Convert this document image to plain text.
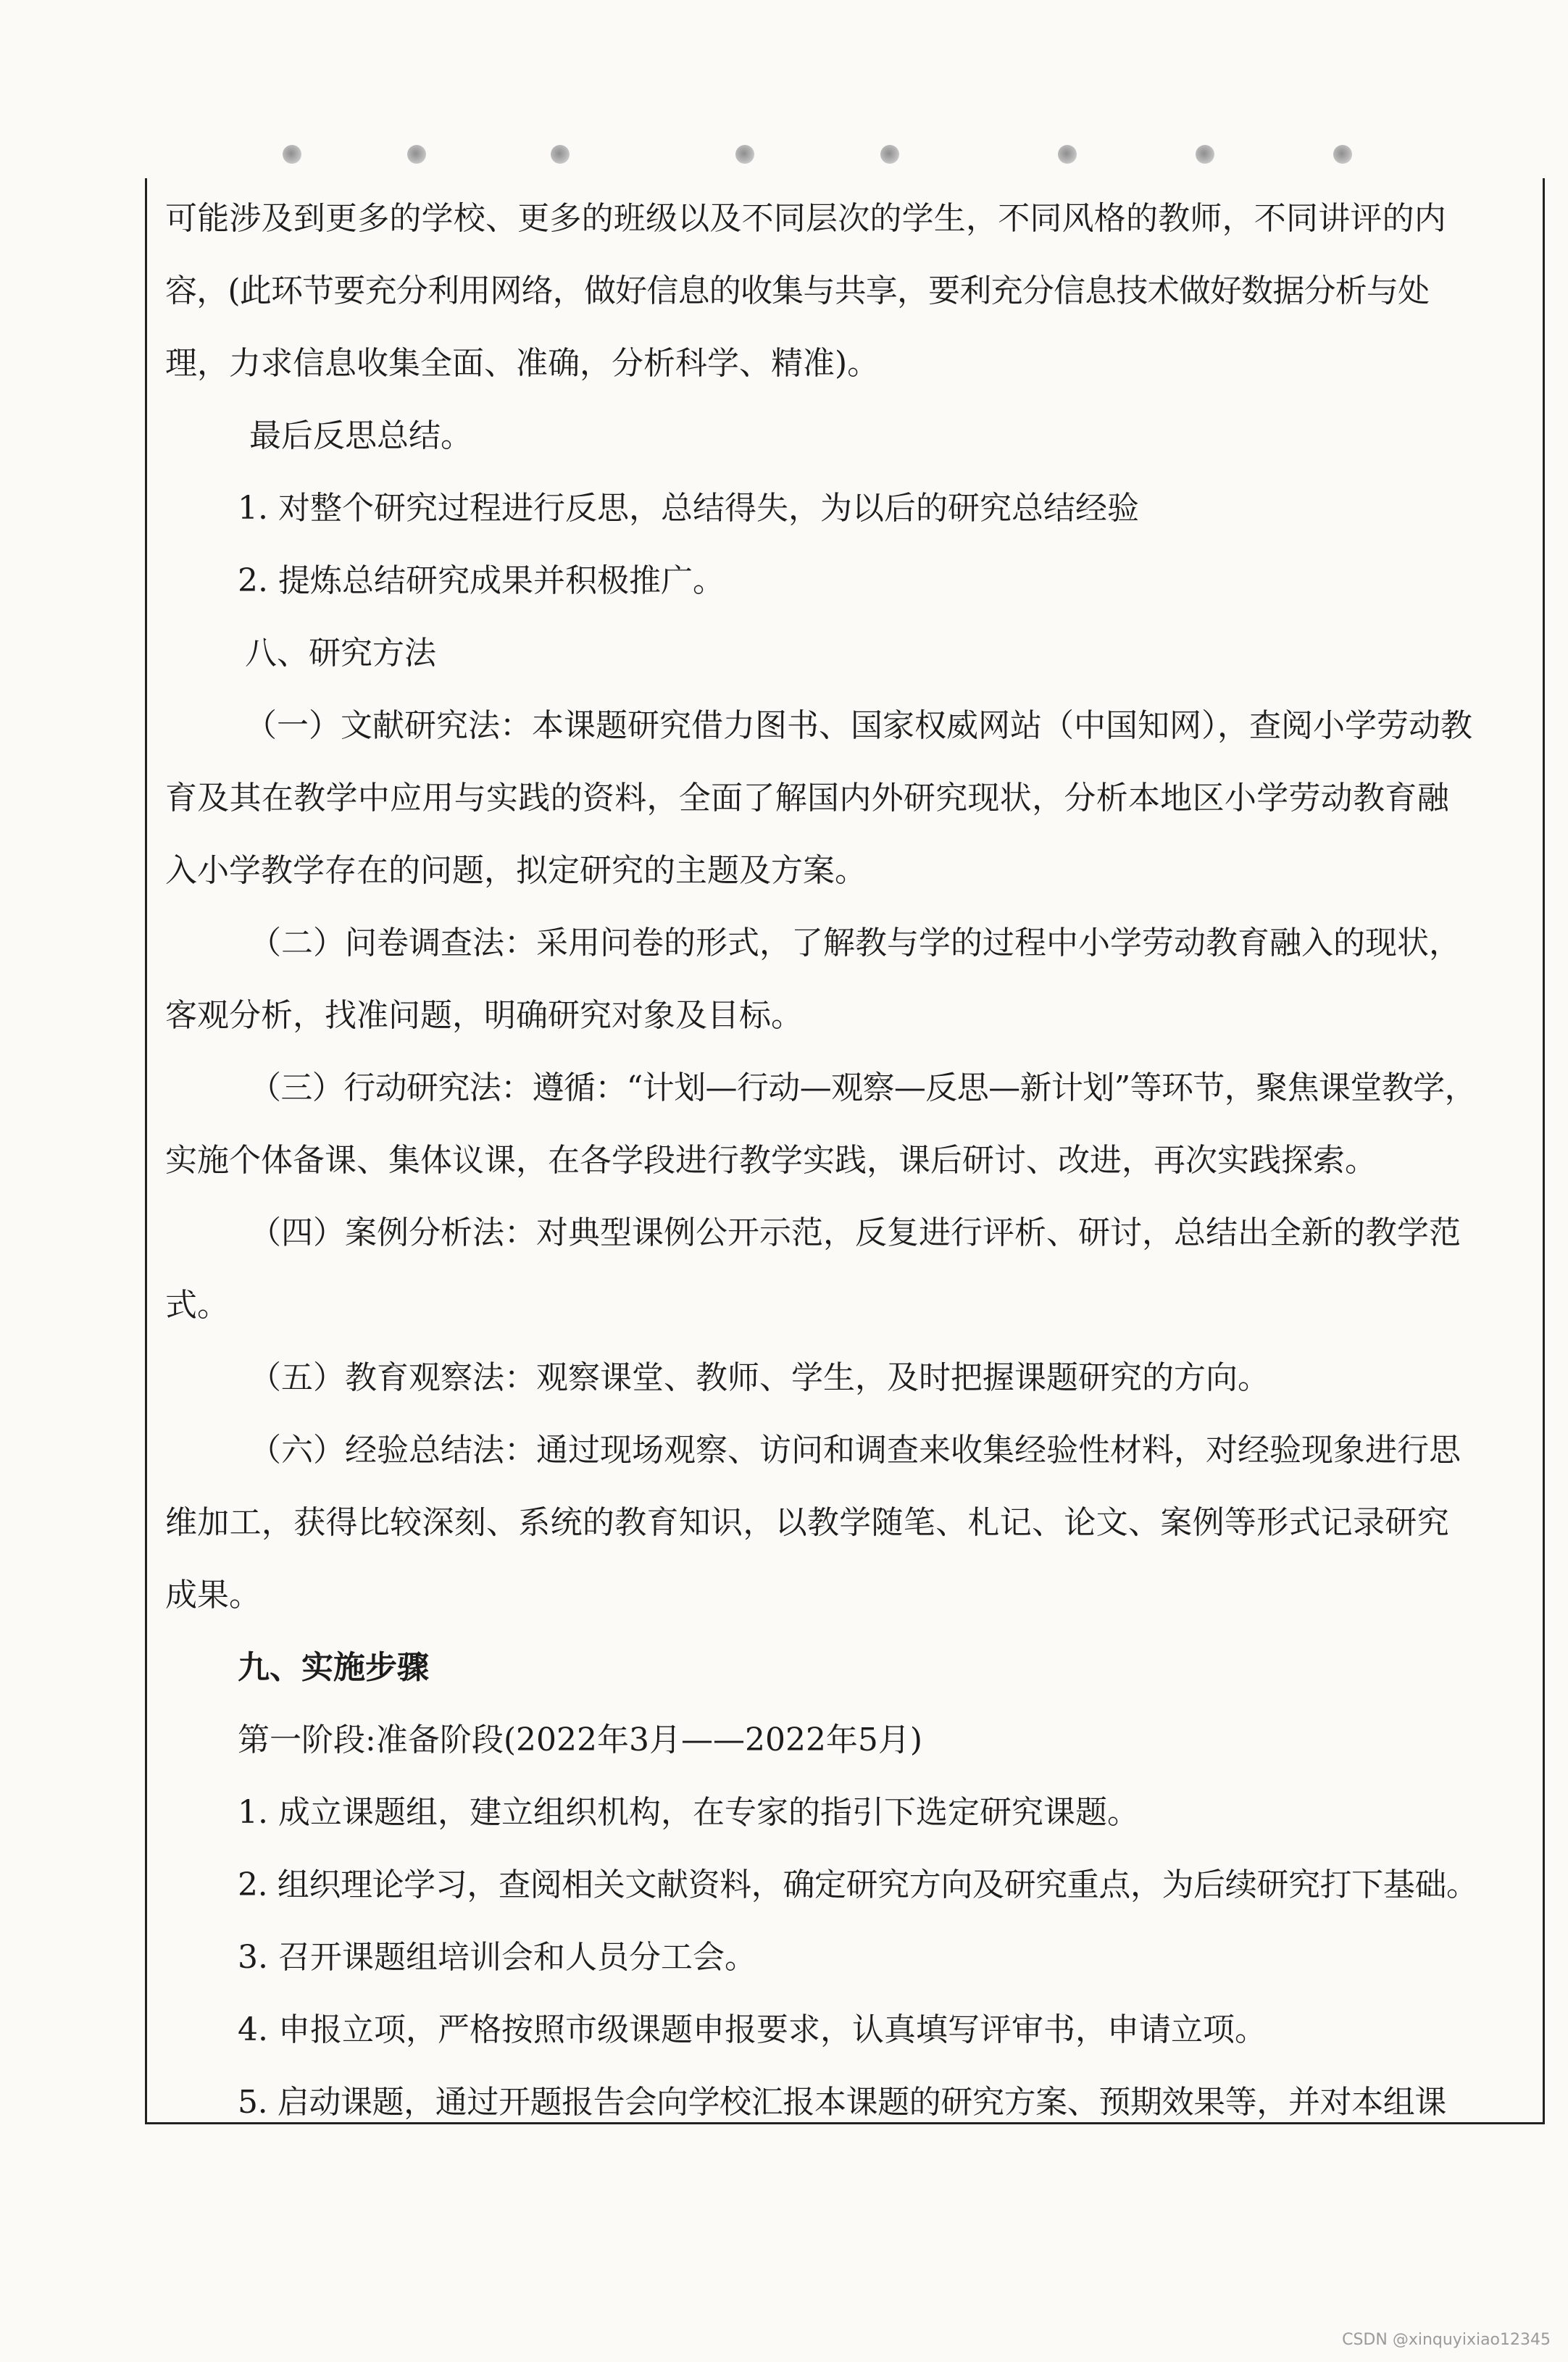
可能涉及到更多的学校、更多的班级以及不同层次的学生，不同风格的教师，不同讲评的内
容，(此环节要充分利用网络，做好信息的收集与共享，要利充分信息技术做好数据分析与处
理，力求信息收集全面、准确，分析科学、精准)。
最后反思总结。
1. 对整个研究过程进行反思，总结得失，为以后的研究总结经验
2. 提炼总结研究成果并积极推广。
八、研究方法
（一）文献研究法：本课题研究借力图书、国家权威网站（中国知网），查阅小学劳动教
育及其在教学中应用与实践的资料，全面了解国内外研究现状，分析本地区小学劳动教育融
入小学教学存在的问题，拟定研究的主题及方案。
（二）问卷调查法：采用问卷的形式，了解教与学的过程中小学劳动教育融入的现状，
客观分析，找准问题，明确研究对象及目标。
（三）行动研究法：遵循：“计划—行动—观察—反思—新计划”等环节，聚焦课堂教学，
实施个体备课、集体议课，在各学段进行教学实践，课后研讨、改进，再次实践探索。
（四）案例分析法：对典型课例公开示范，反复进行评析、研讨，总结出全新的教学范
式。
（五）教育观察法：观察课堂、教师、学生，及时把握课题研究的方向。
（六）经验总结法：通过现场观察、访问和调查来收集经验性材料，对经验现象进行思
维加工，获得比较深刻、系统的教育知识，以教学随笔、札记、论文、案例等形式记录研究
成果。
九、实施步骤
第一阶段:准备阶段(2022年3月——2022年5月)
1. 成立课题组，建立组织机构，在专家的指引下选定研究课题。
2. 组织理论学习，查阅相关文献资料，确定研究方向及研究重点，为后续研究打下基础。
3. 召开课题组培训会和人员分工会。
4. 申报立项，严格按照市级课题申报要求，认真填写评审书，申请立项。
5. 启动课题，通过开题报告会向学校汇报本课题的研究方案、预期效果等，并对本组课
CSDN @xinquyixiao12345
